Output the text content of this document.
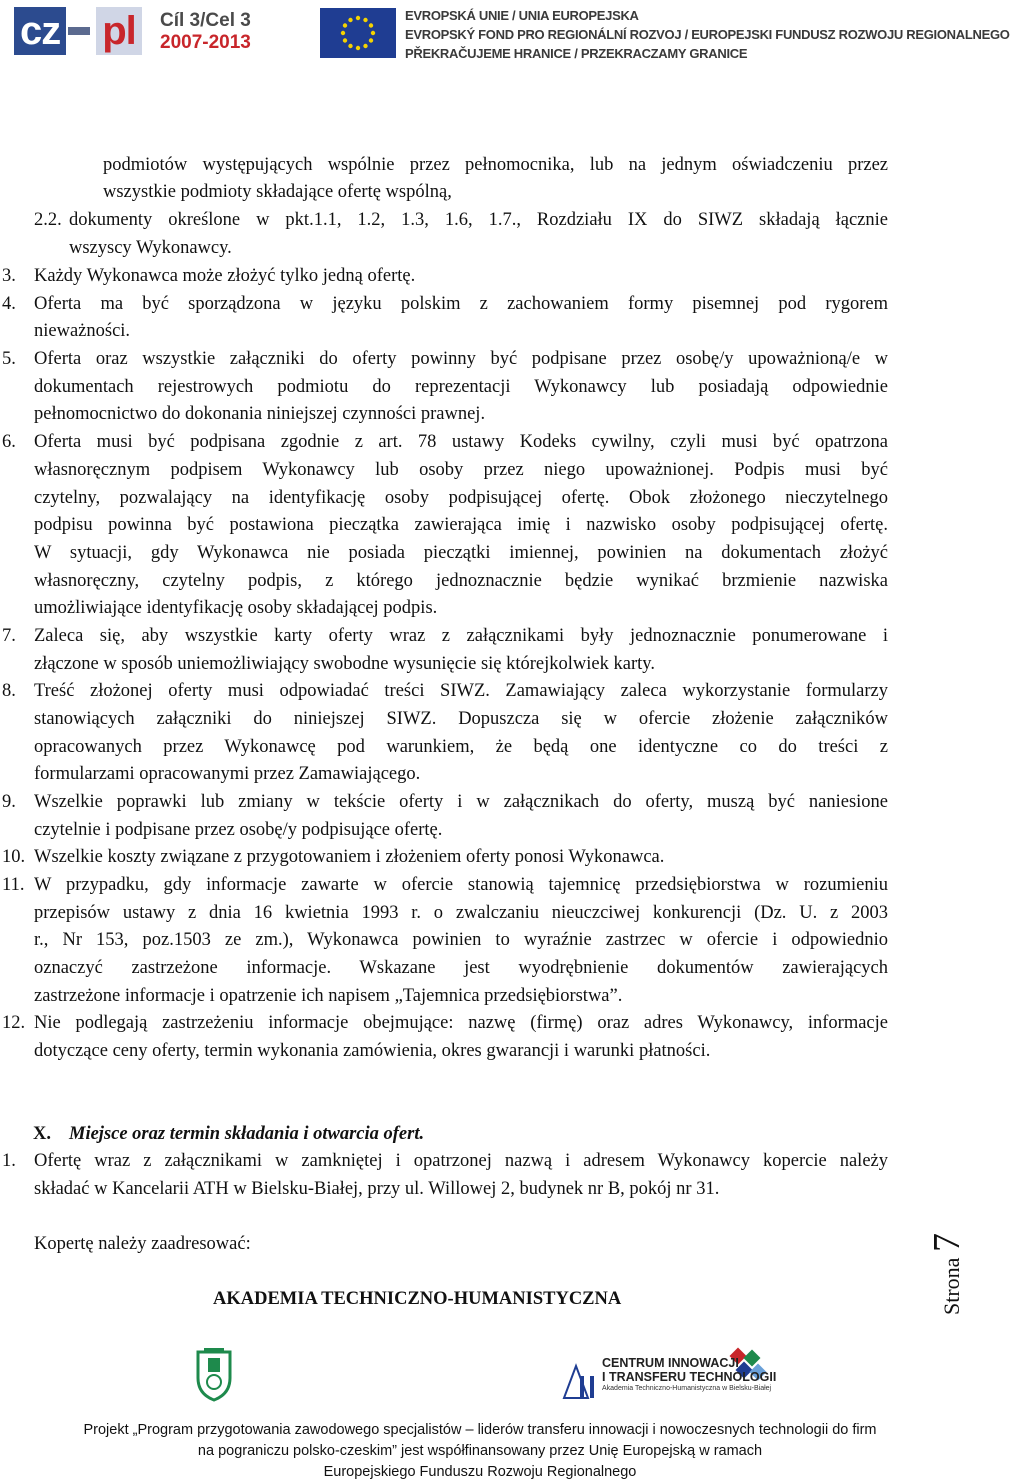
cz pl	Cíl 3/Cel 3
2007-2013
EVROPSKÁ UNIE / UNIA EUROPEJSKA
EVROPSKÝ FOND PRO REGIONÁLNÍ ROZVOJ / EUROPEJSKI FUNDUSZ ROZWOJU REGIONALNEGO
PŘEKRAČUJEME HRANICE / PRZEKRACZAMY GRANICE
podmiotów występujących wspólnie przez pełnomocnika, lub na jednym oświadczeniu przez
wszystkie podmioty składające ofertę wspólną,
2.2. dokumenty określone w pkt.1.1, 1.2, 1.3, 1.6, 1.7., Rozdziału IX do SIWZ składają łącznie
wszyscy Wykonawcy.
3. Każdy Wykonawca może złożyć tylko jedną ofertę.
4. Oferta ma być sporządzona w języku polskim z zachowaniem formy pisemnej pod rygorem
nieważności.
5. Oferta oraz wszystkie załączniki do oferty powinny być podpisane przez osobę/y upoważnioną/e w
dokumentach rejestrowych podmiotu do reprezentacji Wykonawcy lub posiadają odpowiednie
pełnomocnictwo do dokonania niniejszej czynności prawnej.
6. Oferta musi być podpisana zgodnie z art. 78 ustawy Kodeks cywilny, czyli musi być opatrzona
własnoręcznym podpisem Wykonawcy lub osoby przez niego upoważnionej. Podpis musi być
czytelny, pozwalający na identyfikację osoby podpisującej ofertę. Obok złożonego nieczytelnego
podpisu powinna być postawiona pieczątka zawierająca imię i nazwisko osoby podpisującej ofertę.
W sytuacji, gdy Wykonawca nie posiada pieczątki imiennej, powinien na dokumentach złożyć
własnoręczny, czytelny podpis, z którego jednoznacznie będzie wynikać brzmienie nazwiska
umożliwiające identyfikację osoby składającej podpis.
7. Zaleca się, aby wszystkie karty oferty wraz z załącznikami były jednoznacznie ponumerowane i
złączone w sposób uniemożliwiający swobodne wysunięcie się którejkolwiek karty.
8. Treść złożonej oferty musi odpowiadać treści SIWZ. Zamawiający zaleca wykorzystanie formularzy
stanowiących załączniki do niniejszej SIWZ. Dopuszcza się w ofercie złożenie załączników
opracowanych przez Wykonawcę pod warunkiem, że będą one identyczne co do treści z
formularzami opracowanymi przez Zamawiającego.
9. Wszelkie poprawki lub zmiany w tekście oferty i w załącznikach do oferty, muszą być naniesione
czytelnie i podpisane przez osobę/y podpisujące ofertę.
10. Wszelkie koszty związane z przygotowaniem i złożeniem oferty ponosi Wykonawca.
11. W przypadku, gdy informacje zawarte w ofercie stanowią tajemnicę przedsiębiorstwa w rozumieniu
przepisów ustawy z dnia 16 kwietnia 1993 r. o zwalczaniu nieuczciwej konkurencji (Dz. U. z 2003
r., Nr 153, poz.1503 ze zm.), Wykonawca powinien to wyraźnie zastrzec w ofercie i odpowiednio
oznaczyć zastrzeżone informacje. Wskazane jest wyodrębnienie dokumentów zawierających
zastrzeżone informacje i opatrzenie ich napisem „Tajemnica przedsiębiorstwa”.
12. Nie podlegają zastrzeżeniu informacje obejmujące: nazwę (firmę) oraz adres Wykonawcy, informacje
dotyczące ceny oferty, termin wykonania zamówienia, okres gwarancji i warunki płatności.
X. Miejsce oraz termin składania i otwarcia ofert.
1. Ofertę wraz z załącznikami w zamkniętej i opatrzonej nazwą i adresem Wykonawcy kopercie należy
składać w Kancelarii ATH w Bielsku-Białej, przy ul. Willowej 2, budynek nr B, pokój nr 31.
Kopertę należy zaadresować:
AKADEMIA TECHNICZNO-HUMANISTYCZNA	Strona 7
CENTRUM INNOWACJI
I TRANSFERU TECHNOLOGII
Akademia Techniczno-Humanistyczna w Bielsku-Białej
Projekt „Program przygotowania zawodowego specjalistów – liderów transferu innowacji i nowoczesnych technologii do firm
na pograniczu polsko-czeskim” jest współfinansowany przez Unię Europejską w ramach
Europejskiego Funduszu Rozwoju Regionalnego
